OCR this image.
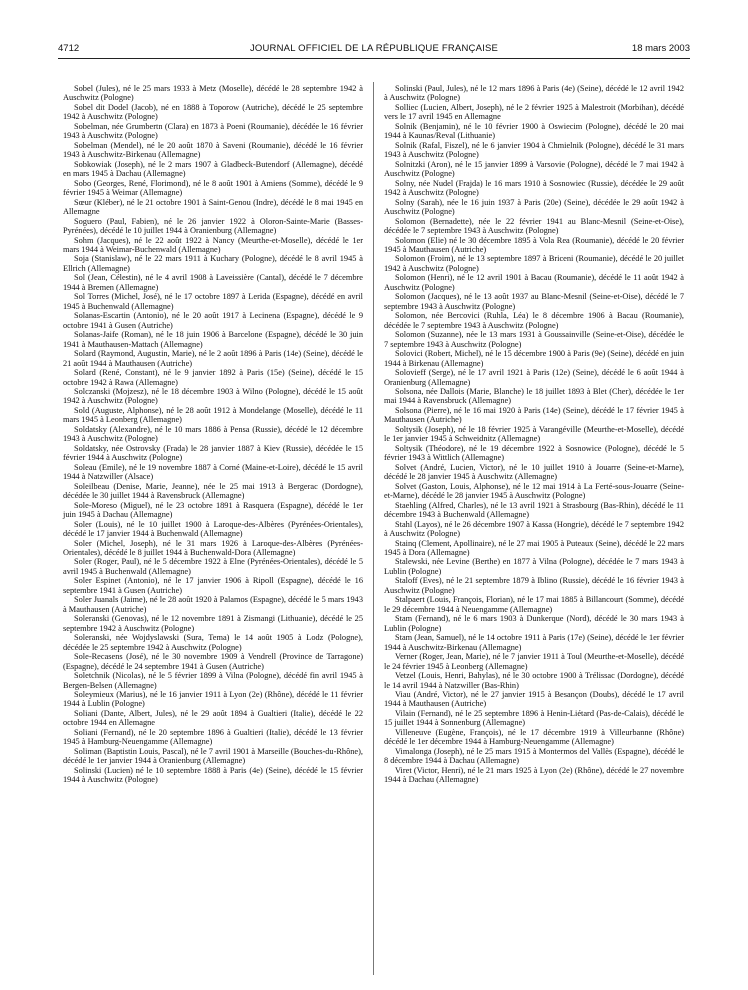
4712	JOURNAL OFFICIEL DE LA RÉPUBLIQUE FRANÇAISE	18 mars 2003

Sobel (Jules), né le 25 mars 1933 à Metz (Moselle), décédé le 28 septembre 1942 à Auschwitz (Pologne)

Sobel dit Dodel (Jacob), né en 1888 à Toporow (Autriche), décédé le 25 septembre 1942 à Auschwitz (Pologne)

Sobelman, née Grumbertn (Clara) en 1873 à Poeni (Roumanie), décédée le 16 février 1943 à Auschwitz (Pologne)

Sobelman (Mendel), né le 20 août 1870 à Saveni (Roumanie), décédé le 16 février 1943 à Auschwitz-Birkenau (Allemagne)

Sobkowiak (Joseph), né le 2 mars 1907 à Gladbeck-Butendorf (Allemagne), décédé en mars 1945 à Dachau (Allemagne)

Sobo (Georges, René, Florimond), né le 8 août 1901 à Amiens (Somme), décédé le 9 février 1945 à Weimar (Allemagne)

Sœur (Kléber), né le 21 octobre 1901 à Saint-Genou (Indre), décédé le 8 mai 1945 en Allemagne

Soguero (Paul, Fabien), né le 26 janvier 1922 à Oloron-Sainte-Marie (Basses-Pyrénées), décédé le 10 juillet 1944 à Oranienburg (Allemagne)

Sohm (Jacques), né le 22 août 1922 à Nancy (Meurthe-et-Moselle), décédé le 1er mars 1944 à Weimar-Buchenwald (Allemagne)

Soja (Stanislaw), né le 22 mars 1911 à Kuchary (Pologne), décédé le 8 avril 1945 à Ellrich (Allemagne)

Sol (Jean, Célestin), né le 4 avril 1908 à Laveissière (Cantal), décédé le 7 décembre 1944 à Bremen (Allemagne)

Sol Torres (Michel, José), né le 17 octobre 1897 à Lerida (Espagne), décédé en avril 1945 à Buchenwald (Allemagne)

Solanas-Escartin (Antonio), né le 20 août 1917 à Lecinena (Espagne), décédé le 9 octobre 1941 à Gusen (Autriche)

Solanas-Jaife (Roman), né le 18 juin 1906 à Barcelone (Espagne), décédé le 30 juin 1941 à Mauthausen-Mattach (Allemagne)

Solard (Raymond, Augustin, Marie), né le 2 août 1896 à Paris (14e) (Seine), décédé le 21 août 1944 à Mauthausen (Autriche)

Solard (René, Constant), né le 9 janvier 1892 à Paris (15e) (Seine), décédé le 15 octobre 1942 à Rawa (Allemagne)

Solczanski (Mojzesz), né le 18 décembre 1903 à Wilno (Pologne), décédé le 15 août 1942 à Auschwitz (Pologne)

Sold (Auguste, Alphonse), né le 28 août 1912 à Mondelange (Moselle), décédé le 11 mars 1945 à Leonberg (Allemagne)

Soldatsky (Alexandre), né le 10 mars 1886 à Pensa (Russie), décédé le 12 décembre 1943 à Auschwitz (Pologne)

Soldatsky, née Ostrovsky (Frada) le 28 janvier 1887 à Kiev (Russie), décédée le 15 février 1944 à Auschwitz (Pologne)

Soleau (Emile), né le 19 novembre 1887 à Corné (Maine-et-Loire), décédé le 15 avril 1944 à Natzwiller (Alsace)

Soleilbeau (Denise, Marie, Jeanne), née le 25 mai 1913 à Bergerac (Dordogne), décédée le 30 juillet 1944 à Ravensbruck (Allemagne)

Sole-Moreso (Miguel), né le 23 octobre 1891 à Rasquera (Espagne), décédé le 1er juin 1945 à Dachau (Allemagne)

Soler (Louis), né le 10 juillet 1900 à Laroque-des-Albères (Pyrénées-Orientales), décédé le 17 janvier 1944 à Buchenwald (Allemagne)

Soler (Michel, Joseph), né le 31 mars 1926 à Laroque-des-Albères (Pyrénées-Orientales), décédé le 8 juillet 1944 à Buchenwald-Dora (Allemagne)

Soler (Roger, Paul), né le 5 décembre 1922 à Elne (Pyrénées-Orientales), décédé le 5 avril 1945 à Buchenwald (Allemagne)

Soler Espinet (Antonio), né le 17 janvier 1906 à Ripoll (Espagne), décédé le 16 septembre 1941 à Gusen (Autriche)

Soler Juanals (Jaime), né le 28 août 1920 à Palamos (Espagne), décédé le 5 mars 1943 à Mauthausen (Autriche)

Soleranski (Genovas), né le 12 novembre 1891 à Zismangi (Lithuanie), décédé le 25 septembre 1942 à Auschwitz (Pologne)

Soleranski, née Wojdyslawski (Sura, Tema) le 14 août 1905 à Lodz (Pologne), décédée le 25 septembre 1942 à Auschwitz (Pologne)

Sole-Recasens (José), né le 30 novembre 1909 à Vendrell (Province de Tarragone) (Espagne), décédé le 24 septembre 1941 à Gusen (Autriche)

Soletchnik (Nicolas), né le 5 février 1899 à Vilna (Pologne), décédé fin avril 1945 à Bergen-Belsen (Allemagne)

Soleymieux (Marius), né le 16 janvier 1911 à Lyon (2e) (Rhône), décédé le 11 février 1944 à Lublin (Pologne)

Soliani (Dante, Albert, Jules), né le 29 août 1894 à Gualtieri (Italie), décédé le 22 octobre 1944 en Allemagne

Soliani (Fernand), né le 20 septembre 1896 à Gualtieri (Italie), décédé le 13 février 1945 à Hamburg-Neuengamme (Allemagne)

Soliman (Baptistin Louis, Pascal), né le 7 avril 1901 à Marseille (Bouches-du-Rhône), décédé le 1er janvier 1944 à Oranienburg (Allemagne)

Solinski (Lucien) né le 10 septembre 1888 à Paris (4e) (Seine), décédé le 15 février 1944 à Auschwitz (Pologne)

Solinski (Paul, Jules), né le 12 mars 1896 à Paris (4e) (Seine), décédé le 12 avril 1942 à Auschwitz (Pologne)

Solliec (Lucien, Albert, Joseph), né le 2 février 1925 à Malestroit (Morbihan), décédé vers le 17 avril 1945 en Allemagne

Solnik (Benjamin), né le 10 février 1900 à Oswiecim (Pologne), décédé le 20 mai 1944 à Kaunas/Reval (Lithuanie)

Solnik (Rafal, Fiszel), né le 6 janvier 1904 à Chmielnik (Pologne), décédé le 31 mars 1943 à Auschwitz (Pologne)

Solnitzki (Aron), né le 15 janvier 1899 à Varsovie (Pologne), décédé le 7 mai 1942 à Auschwitz (Pologne)

Solny, née Nudel (Frajda) le 16 mars 1910 à Sosnowiec (Russie), décédée le 29 août 1942 à Auschwitz (Pologne)

Solny (Sarah), née le 16 juin 1937 à Paris (20e) (Seine), décédée le 29 août 1942 à Auschwitz (Pologne)

Solomon (Bernadette), née le 22 février 1941 au Blanc-Mesnil (Seine-et-Oise), décédée le 7 septembre 1943 à Auschwitz (Pologne)

Solomon (Elie) né le 30 décembre 1895 à Vola Rea (Roumanie), décédé le 20 février 1945 à Mauthausen (Autriche)

Solomon (Froim), né le 13 septembre 1897 à Briceni (Roumanie), décédé le 20 juillet 1942 à Auschwitz (Pologne)

Solomon (Henri), né le 12 avril 1901 à Bacau (Roumanie), décédé le 11 août 1942 à Auschwitz (Pologne)

Solomon (Jacques), né le 13 août 1937 au Blanc-Mesnil (Seine-et-Oise), décédé le 7 septembre 1943 à Auschwitz (Pologne)

Solomon, née Bercovici (Ruhla, Léa) le 8 décembre 1906 à Bacau (Roumanie), décédée le 7 septembre 1943 à Auschwitz (Pologne)

Solomon (Suzanne), née le 13 mars 1931 à Goussainville (Seine-et-Oise), décédée le 7 septembre 1943 à Auschwitz (Pologne)

Solovici (Robert, Michel), né le 15 décembre 1900 à Paris (9e) (Seine), décédé en juin 1944 à Birkenau (Allemagne)

Solovieff (Serge), né le 17 avril 1921 à Paris (12e) (Seine), décédé le 6 août 1944 à Oranienburg (Allemagne)

Solsona, née Dallois (Marie, Blanche) le 18 juillet 1893 à Blet (Cher), décédée le 1er mai 1944 à Ravensbruck (Allemagne)

Solsona (Pierre), né le 16 mai 1920 à Paris (14e) (Seine), décédé le 17 février 1945 à Mauthausen (Autriche)

Soltysik (Joseph), né le 18 février 1925 à Varangéville (Meurthe-et-Moselle), décédé le 1er janvier 1945 à Schweidnitz (Allemagne)

Soltysik (Théodore), né le 19 décembre 1922 à Sosnowice (Pologne), décédé le 5 février 1943 à Wittlich (Allemagne)

Solvet (André, Lucien, Victor), né le 10 juillet 1910 à Jouarre (Seine-et-Marne), décédé le 28 janvier 1945 à Auschwitz (Allemagne)

Solvet (Gaston, Louis, Alphonse), né le 12 mai 1914 à La Ferté-sous-Jouarre (Seine-et-Marne), décédé le 28 janvier 1945 à Auschwitz (Pologne)

Staehling (Alfred, Charles), né le 13 avril 1921 à Strasbourg (Bas-Rhin), décédé le 11 décembre 1943 à Buchenwald (Allemagne)

Stahl (Layos), né le 26 décembre 1907 à Kassa (Hongrie), décédé le 7 septembre 1942 à Auschwitz (Pologne)

Stainq (Clement, Apollinaire), né le 27 mai 1905 à Puteaux (Seine), décédé le 22 mars 1945 à Dora (Allemagne)

Stalewski, née Levine (Berthe) en 1877 à Vilna (Pologne), décédée le 7 mars 1943 à Lublin (Pologne)

Staloff (Eves), né le 21 septembre 1879 à Iblino (Russie), décédé le 16 février 1943 à Auschwitz (Pologne)

Stalpaert (Louis, François, Florian), né le 17 mai 1885 à Billancourt (Somme), décédé le 29 décembre 1944 à Neuengamme (Allemagne)

Stam (Fernand), né le 6 mars 1903 à Dunkerque (Nord), décédé le 30 mars 1943 à Lublin (Pologne)

Stam (Jean, Samuel), né le 14 octobre 1911 à Paris (17e) (Seine), décédé le 1er février 1944 à Auschwitz-Birkenau (Allemagne)

Verner (Roger, Jean, Marie), né le 7 janvier 1911 à Toul (Meurthe-et-Moselle), décédé le 24 février 1945 à Leonberg (Allemagne)

Vetzel (Louis, Henri, Bahylas), né le 30 octobre 1900 à Trélissac (Dordogne), décédé le 14 avril 1944 à Natzwiller (Bas-Rhin)

Viau (André, Victor), né le 27 janvier 1915 à Besançon (Doubs), décédé le 17 avril 1944 à Mauthausen (Autriche)

Vilain (Fernand), né le 25 septembre 1896 à Henin-Liétard (Pas-de-Calais), décédé le 15 juillet 1944 à Sonnenburg (Allemagne)

Villeneuve (Eugène, François), né le 17 décembre 1919 à Villeurbanne (Rhône) décédé le 1er décembre 1944 à Hamburg-Neuengamme (Allemagne)

Vimalonga (Joseph), né le 25 mars 1915 à Montermos del Vallès (Espagne), décédé le 8 décembre 1944 à Dachau (Allemagne)

Viret (Victor, Henri), né le 21 mars 1925 à Lyon (2e) (Rhône), décédé le 27 novembre 1944 à Dachau (Allemagne)
